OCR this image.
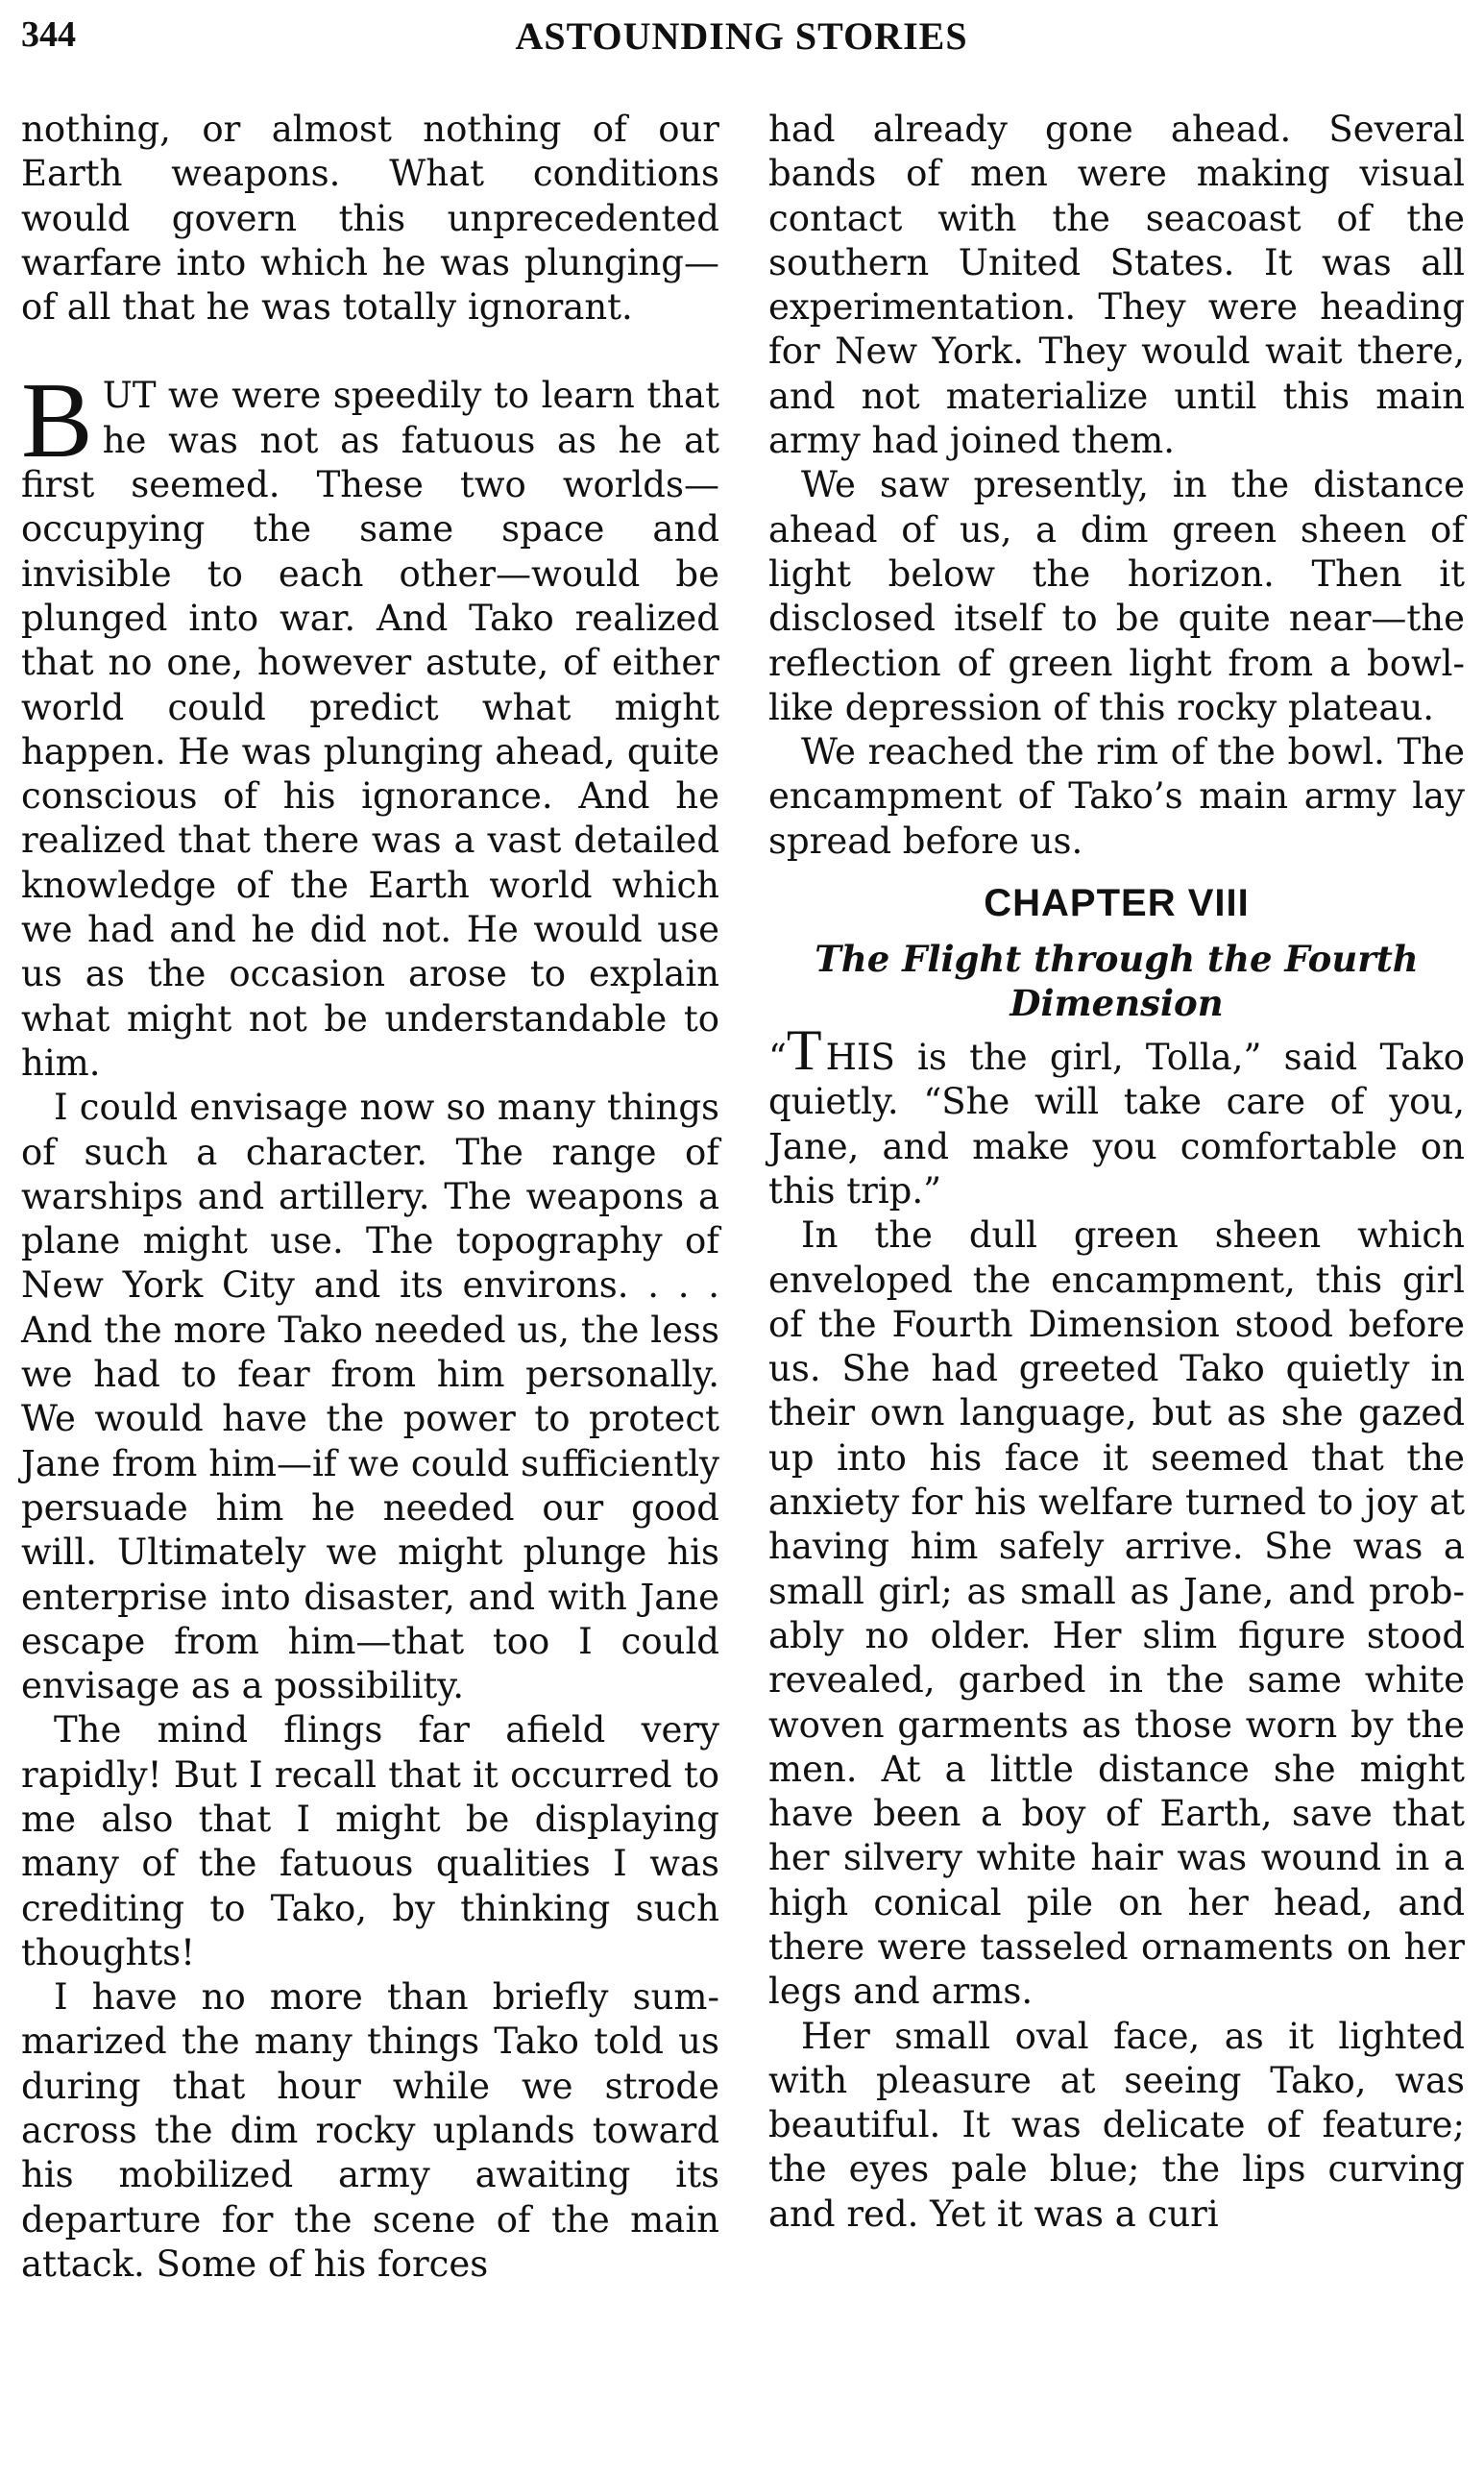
344	ASTOUNDING STORIES

nothing, or almost nothing of our Earth weapons. What conditions would govern this unprecedented warfare into which he was plunging—of all that he was totally ignorant.

BUT we were speedily to learn that he was not as fatuous as he at first seemed. These two worlds—occupying the same space and invisible to each other—would be plunged into war. And Tako realized that no one, however astute, of either world could predict what might happen. He was plunging ahead, quite conscious of his ignorance. And he realized that there was a vast detailed knowledge of the Earth world which we had and he did not. He would use us as the occasion arose to explain what might not be understandable to him.

I could envisage now so many things of such a character. The range of warships and artillery. The weapons a plane might use. The topography of New York City and its environs. . . . And the more Tako needed us, the less we had to fear from him personally. We would have the power to protect Jane from him—if we could sufficiently persuade him he needed our good will. Ultimately we might plunge his enterprise into disaster, and with Jane escape from him—that too I could envisage as a possibility.

The mind flings far afield very rapidly! But I recall that it occurred to me also that I might be displaying many of the fatuous qualities I was crediting to Tako, by thinking such thoughts!

I have no more than briefly summarized the many things Tako told us during that hour while we strode across the dim rocky uplands toward his mobilized army awaiting its departure for the scene of the main attack. Some of his forces

had already gone ahead. Several bands of men were making visual contact with the seacoast of the southern United States. It was all experimentation. They were heading for New York. They would wait there, and not materialize until this main army had joined them.

We saw presently, in the distance ahead of us, a dim green sheen of light below the horizon. Then it disclosed itself to be quite near—the reflection of green light from a bowl-like depression of this rocky plateau.

We reached the rim of the bowl. The encampment of Tako’s main army lay spread before us.

CHAPTER VIII
The Flight through the Fourth Dimension

“T HIS is the girl, Tolla,” said Tako quietly. “She will take care of you, Jane, and make you comfortable on this trip.”

In the dull green sheen which enveloped the encampment, this girl of the Fourth Dimension stood before us. She had greeted Tako quietly in their own language, but as she gazed up into his face it seemed that the anxiety for his welfare turned to joy at having him safely arrive. She was a small girl; as small as Jane, and probably no older. Her slim figure stood revealed, garbed in the same white woven garments as those worn by the men. At a little distance she might have been a boy of Earth, save that her silvery white hair was wound in a high conical pile on her head, and there were tasseled ornaments on her legs and arms.

Her small oval face, as it lighted with pleasure at seeing Tako, was beautiful. It was delicate of feature; the eyes pale blue; the lips curving and red. Yet it was a curi
